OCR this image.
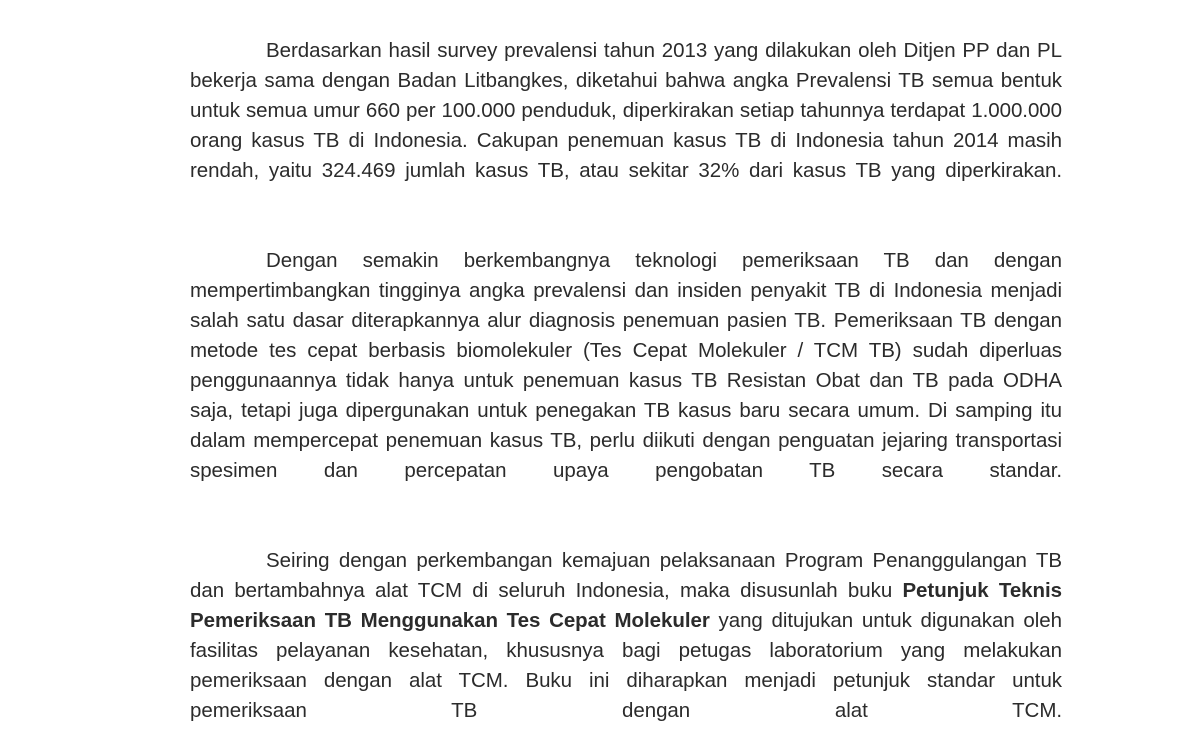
Berdasarkan hasil survey prevalensi tahun 2013 yang dilakukan oleh Ditjen PP dan PL bekerja sama dengan Badan Litbangkes, diketahui bahwa angka Prevalensi TB semua bentuk untuk semua umur 660 per 100.000 penduduk, diperkirakan setiap tahunnya terdapat 1.000.000 orang kasus TB di Indonesia. Cakupan penemuan kasus TB di Indonesia tahun 2014 masih rendah, yaitu 324.469 jumlah kasus TB, atau sekitar 32% dari kasus TB yang diperkirakan.

Dengan semakin berkembangnya teknologi pemeriksaan TB dan dengan mempertimbangkan tingginya angka prevalensi dan insiden penyakit TB di Indonesia menjadi salah satu dasar diterapkannya alur diagnosis penemuan pasien TB. Pemeriksaan TB dengan metode tes cepat berbasis biomolekuler (Tes Cepat Molekuler / TCM TB) sudah diperluas penggunaannya tidak hanya untuk penemuan kasus TB Resistan Obat dan TB pada ODHA saja, tetapi juga dipergunakan untuk penegakan TB kasus baru secara umum. Di samping itu dalam mempercepat penemuan kasus TB, perlu diikuti dengan penguatan jejaring transportasi spesimen dan percepatan upaya pengobatan TB secara standar.

Seiring dengan perkembangan kemajuan pelaksanaan Program Penanggulangan TB dan bertambahnya alat TCM di seluruh Indonesia, maka disusunlah buku Petunjuk Teknis Pemeriksaan TB Menggunakan Tes Cepat Molekuler yang ditujukan untuk digunakan oleh fasilitas pelayanan kesehatan, khususnya bagi petugas laboratorium yang melakukan pemeriksaan dengan alat TCM. Buku ini diharapkan menjadi petunjuk standar untuk pemeriksaan TB dengan alat TCM.
